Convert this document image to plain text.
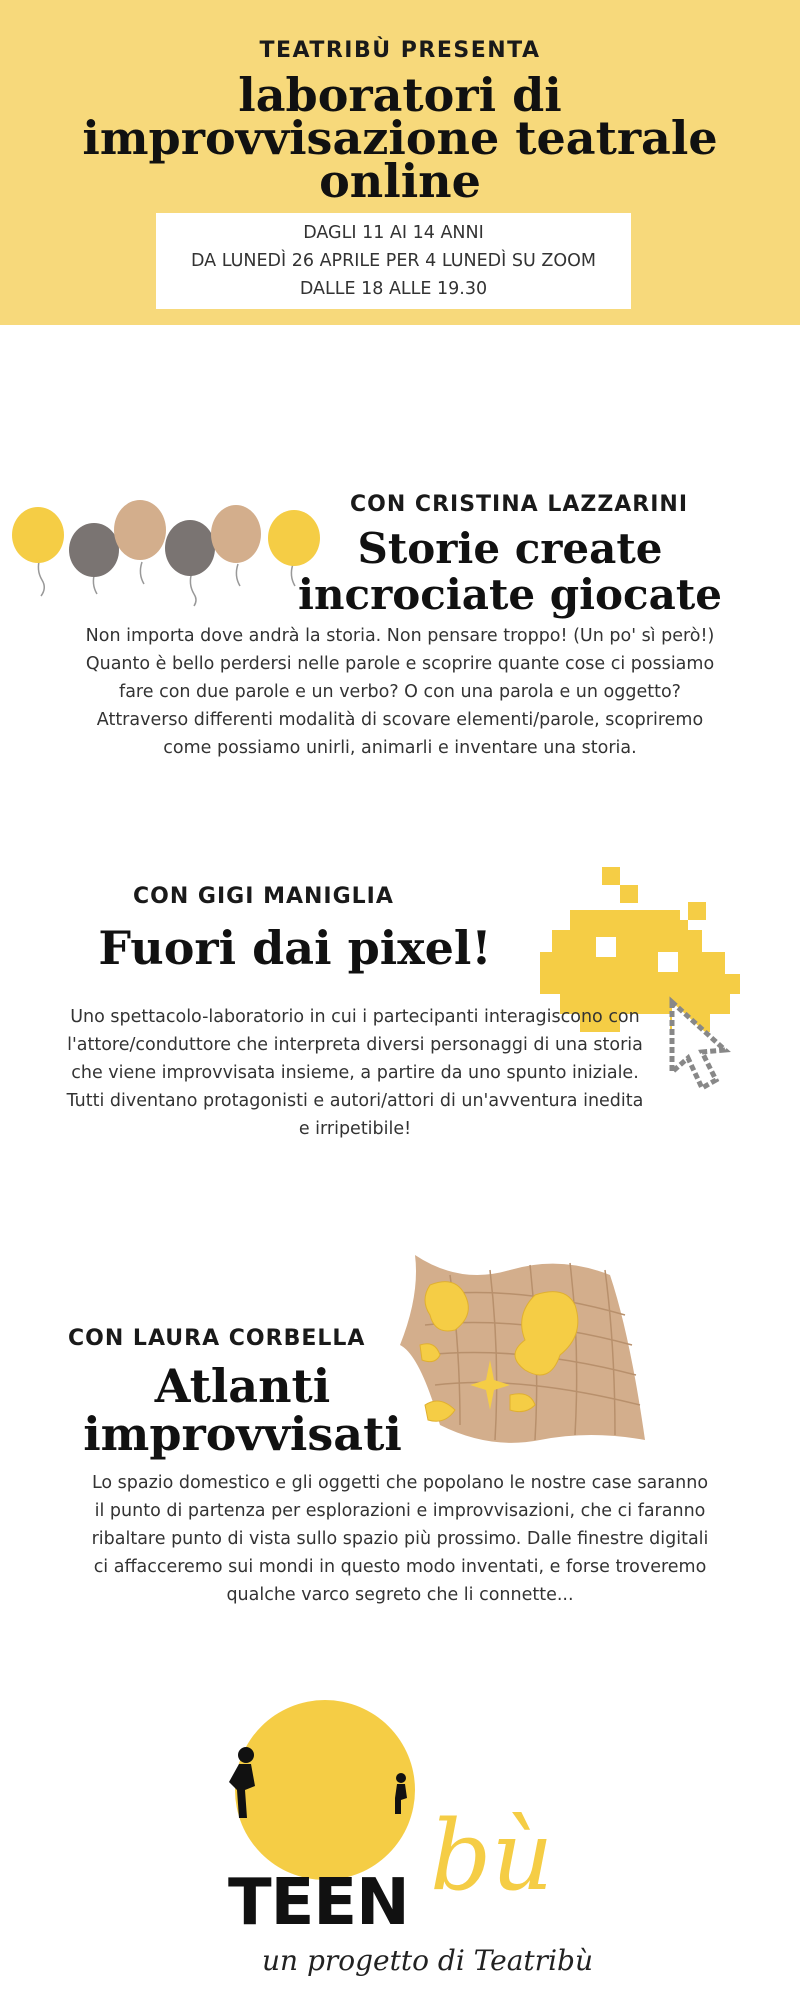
TEATRIBÙ PRESENTA
laboratori di
improvvisazione teatrale
online
DAGLI 11 AI 14 ANNI
DA LUNEDÌ 26 APRILE PER 4 LUNEDÌ SU ZOOM
DALLE 18 ALLE 19.30
CON CRISTINA LAZZARINI
Storie create
incrociate giocate
Non importa dove andrà la storia. Non pensare troppo! (Un po' sì però!)
Quanto è bello perdersi nelle parole e scoprire quante cose ci possiamo
fare con due parole e un verbo? O con una parola e un oggetto?
Attraverso differenti modalità di scovare elementi/parole, scopriremo
come possiamo unirli, animarli e inventare una storia.
CON GIGI MANIGLIA
Fuori dai pixel!
Uno spettacolo-laboratorio in cui i partecipanti interagiscono con
l'attore/conduttore che interpreta diversi personaggi di una storia
che viene improvvisata insieme, a partire da uno spunto iniziale.
Tutti diventano protagonisti e autori/attori di un'avventura inedita
e irripetibile!
CON LAURA CORBELLA
Atlanti
improvvisati
Lo spazio domestico e gli oggetti che popolano le nostre case saranno
il punto di partenza per esplorazioni e improvvisazioni, che ci faranno
ribaltare punto di vista sullo spazio più prossimo. Dalle finestre digitali
ci affacceremo sui mondi in questo modo inventati, e forse troveremo
qualche varco segreto che li connette...
TEEN bù
un progetto di Teatribù
